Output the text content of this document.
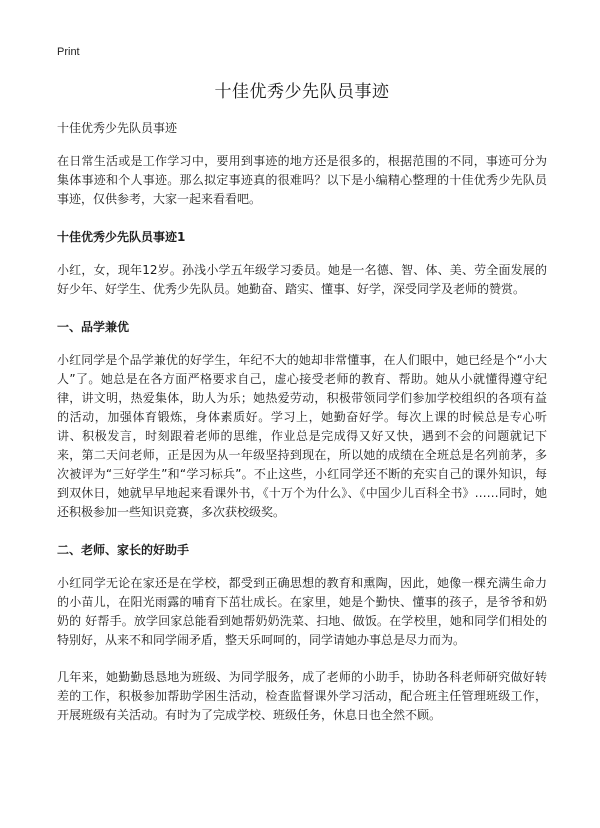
Print
十佳优秀少先队员事迹
十佳优秀少先队员事迹

在日常生活或是工作学习中，要用到事迹的地方还是很多的，根据范围的不同，事迹可分为集体事迹和个人事迹。那么拟定事迹真的很难吗？以下是小编精心整理的十佳优秀少先队员事迹，仅供参考，大家一起来看看吧。

十佳优秀少先队员事迹1

小红，女，现年12岁。孙浅小学五年级学习委员。她是一名德、智、体、美、劳全面发展的好少年、好学生、优秀少先队员。她勤奋、踏实、懂事、好学，深受同学及老师的赞赏。

一、品学兼优

小红同学是个品学兼优的好学生，年纪不大的她却非常懂事，在人们眼中，她已经是个“小大人”了。她总是在各方面严格要求自己，虚心接受老师的教育、帮助。她从小就懂得遵守纪律，讲文明，热爱集体，助人为乐；她热爱劳动，积极带领同学们参加学校组织的各项有益的活动，加强体育锻炼，身体素质好。学习上，她勤奋好学。每次上课的时候总是专心听讲、积极发言，时刻跟着老师的思维，作业总是完成得又好又快，遇到不会的问题就记下来，第二天问老师，正是因为从一年级坚持到现在，所以她的成绩在全班总是名列前茅，多次被评为“三好学生”和“学习标兵”。不止这些，小红同学还不断的充实自己的课外知识，每到双休日，她就早早地起来看课外书，《十万个为什么》、《中国少儿百科全书》……同时，她还积极参加一些知识竞赛，多次获校级奖。

二、老师、家长的好助手

小红同学无论在家还是在学校，都受到正确思想的教育和熏陶，因此，她像一棵充满生命力的小苗儿，在阳光雨露的哺育下茁壮成长。在家里，她是个勤快、懂事的孩子，是爷爷和奶奶的 好帮手。放学回家总能看到她帮奶奶洗菜、扫地、做饭。在学校里，她和同学们相处的特别好，从来不和同学闹矛盾，整天乐呵呵的，同学请她办事总是尽力而为。

几年来，她勤勤恳恳地为班级、为同学服务，成了老师的小助手，协助各科老师研究做好转差的工作，积极参加帮助学困生活动，检查监督课外学习活动，配合班主任管理班级工作，开展班级有关活动。有时为了完成学校、班级任务，休息日也全然不顾。
